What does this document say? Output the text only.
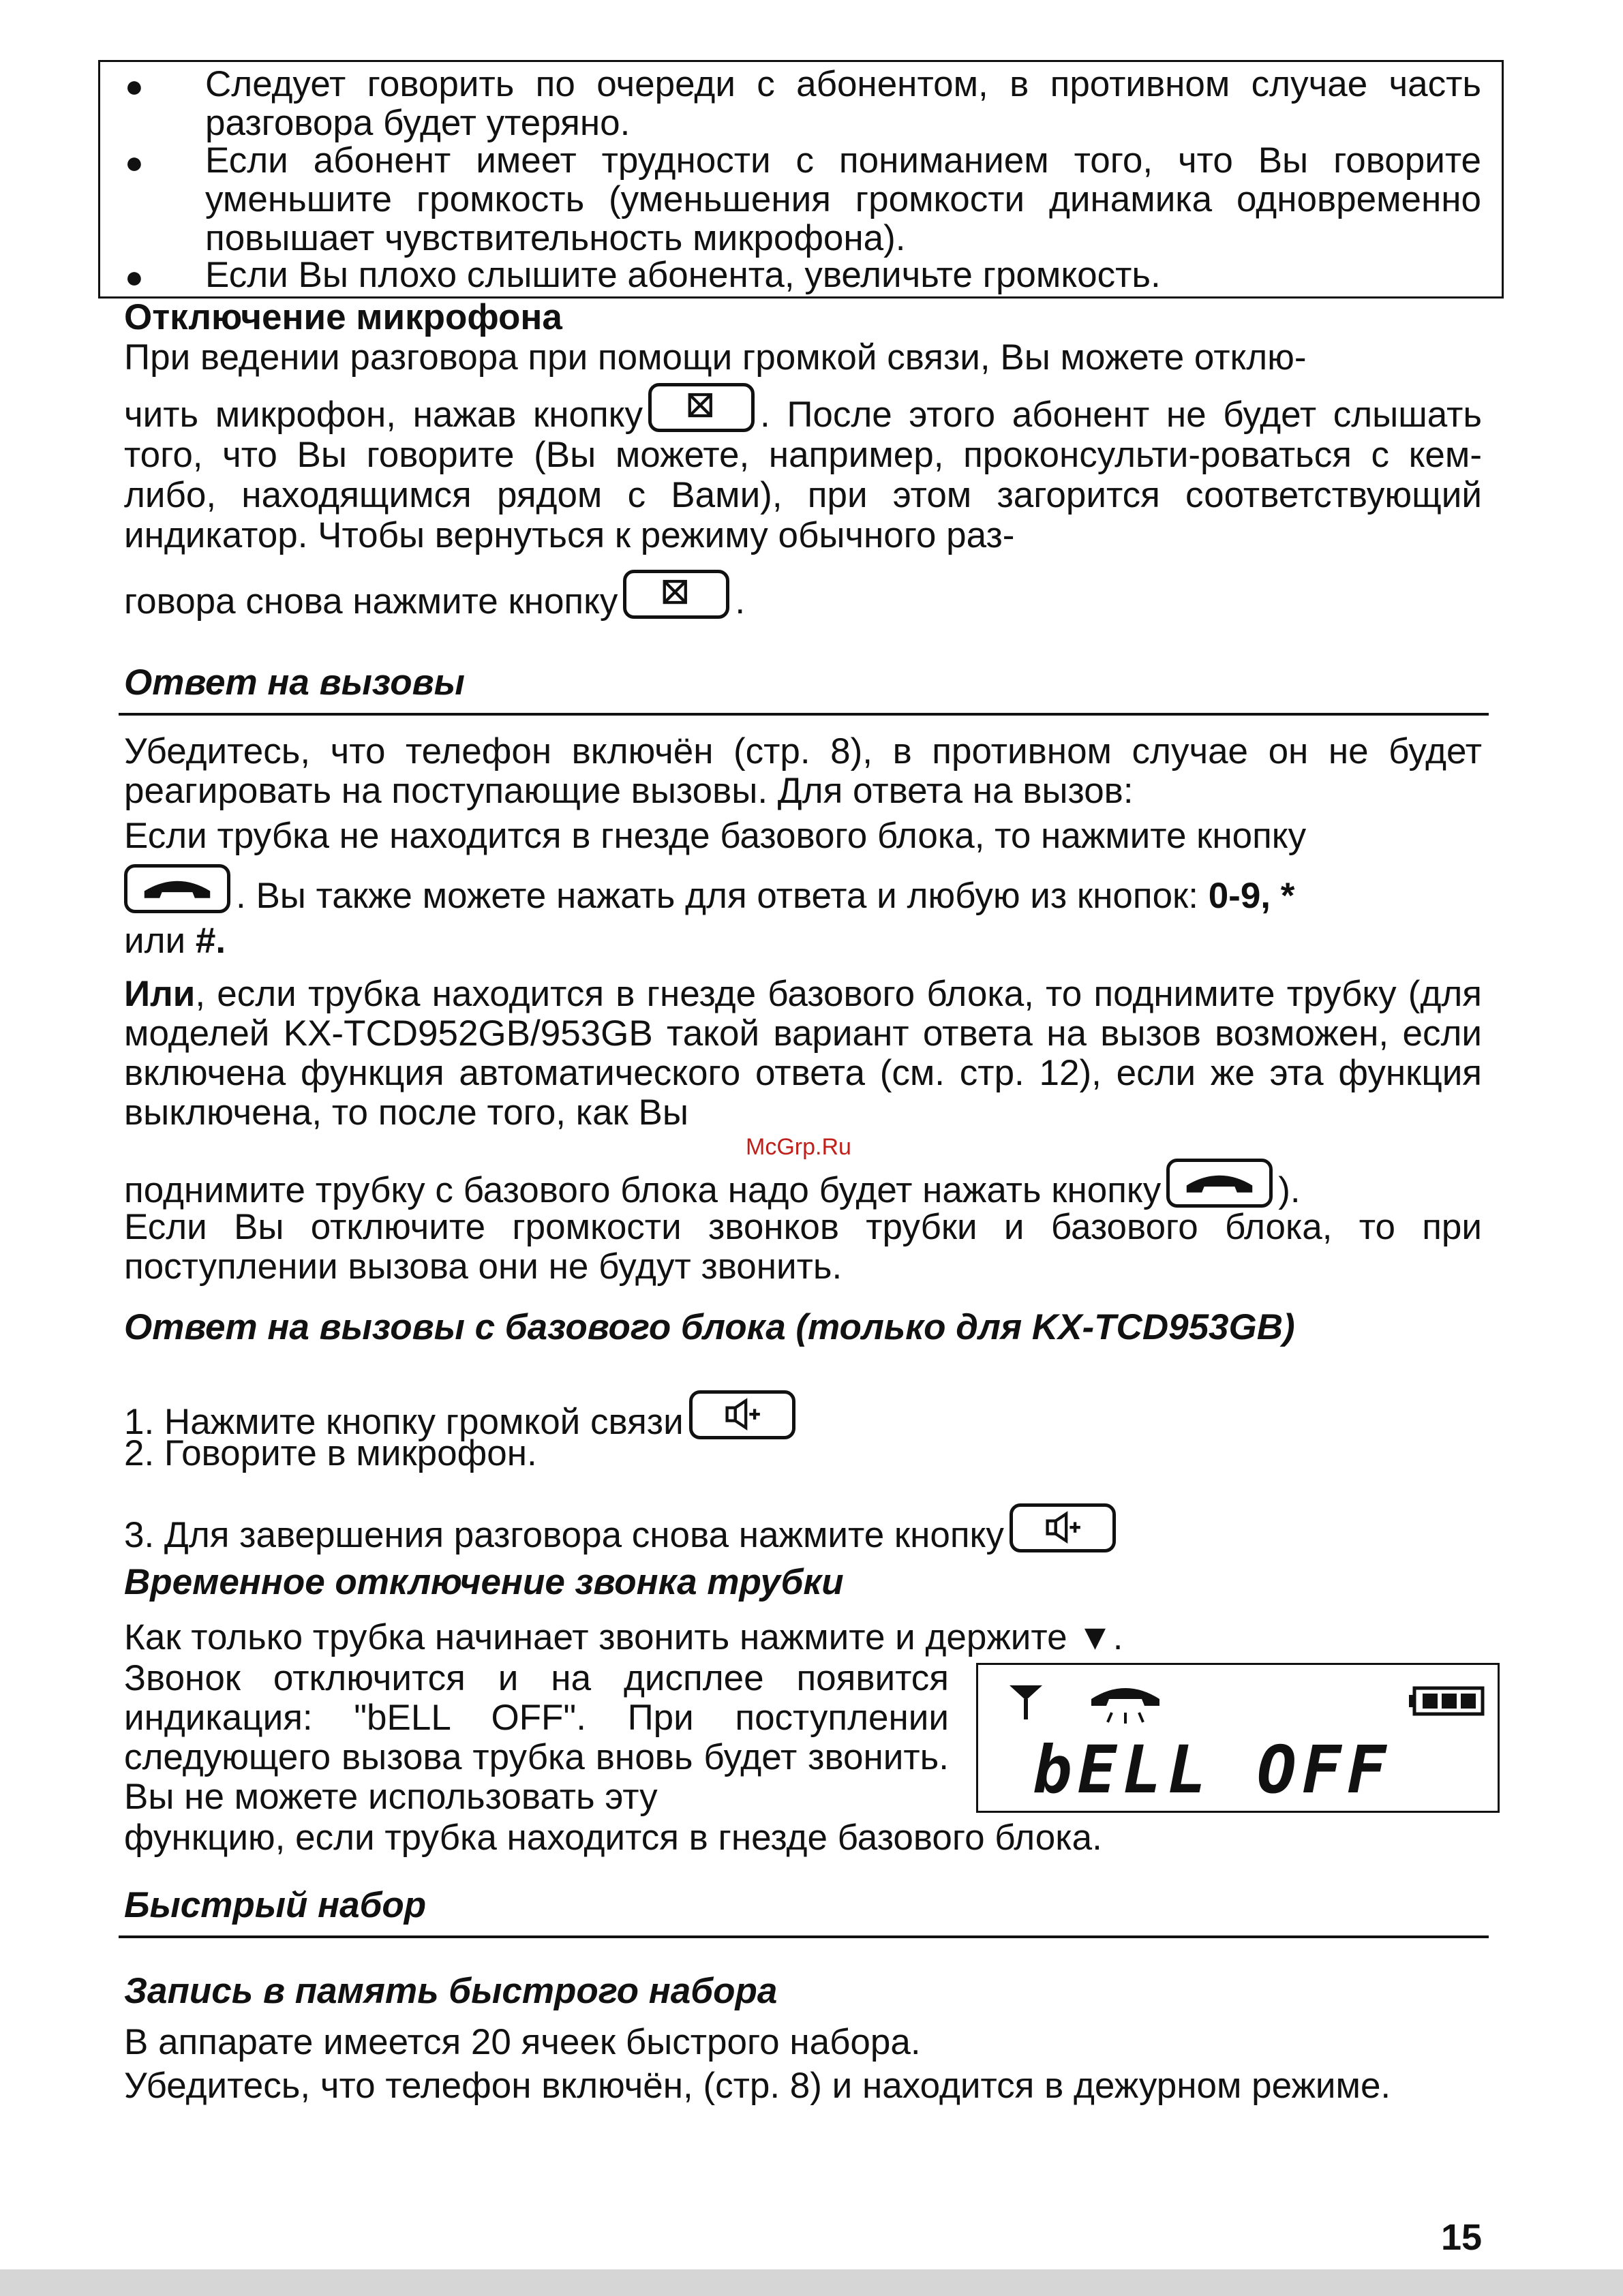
● Следует говорить по очереди с абонентом, в противном случае часть разговора будет утеряно.
● Если абонент имеет трудности с пониманием того, что Вы говорите уменьшите громкость (уменьшения громкости динамика одновременно повышает чувствительность микрофона).
● Если Вы плохо слышите абонента, увеличьте громкость.
Отключение микрофона
При ведении разговора при помощи громкой связи, Вы можете отклю-
чить микрофон, нажав кнопку	. После этого абонент не будет слышать того, что Вы говорите (Вы можете, например, проконсульти-роваться с кем-либо, находящимся рядом с Вами), при этом загорится соответствующий индикатор. Чтобы вернуться к режиму обычного раз-
говора снова нажмите кнопку	.
Ответ на вызовы
Убедитесь, что телефон включён (стр. 8), в противном случае он не будет реагировать на поступающие вызовы. Для ответа на вызов:
Если трубка не находится в гнезде базового блока, то нажмите кнопку
. Вы также можете нажать для ответа и любую из кнопок: 0-9, *
или #.
Или, если трубка находится в гнезде базового блока, то поднимите трубку (для моделей KX-TCD952GB/953GB такой вариант ответа на вызов возможен, если включена функция автоматического ответа (см. стр. 12), если же эта функция выключена, то после того, как Вы
McGrp.Ru
поднимите трубку с базового блока надо будет нажать кнопку	).
Если Вы отключите громкости звонков трубки и базового блока, то при поступлении вызова они не будут звонить.
Ответ на вызовы с базового блока (только для KX-TCD953GB)
1. Нажмите кнопку громкой связи
2. Говорите в микрофон.
3. Для завершения разговора снова нажмите кнопку
Временное отключение звонка трубки
Как только трубка начинает звонить нажмите и держите ▼.
Звонок отключится и на дисплее появится индикация: "bELL OFF". При поступлении следующего вызова трубка вновь будет звонить. Вы не можете использовать эту
функцию, если трубка находится в гнезде базового блока.
bELL OFF
Быстрый набор
Запись в память быстрого набора
В аппарате имеется 20 ячеек быстрого набора.
Убедитесь, что телефон включён, (стр. 8) и находится в дежурном режиме.
15
